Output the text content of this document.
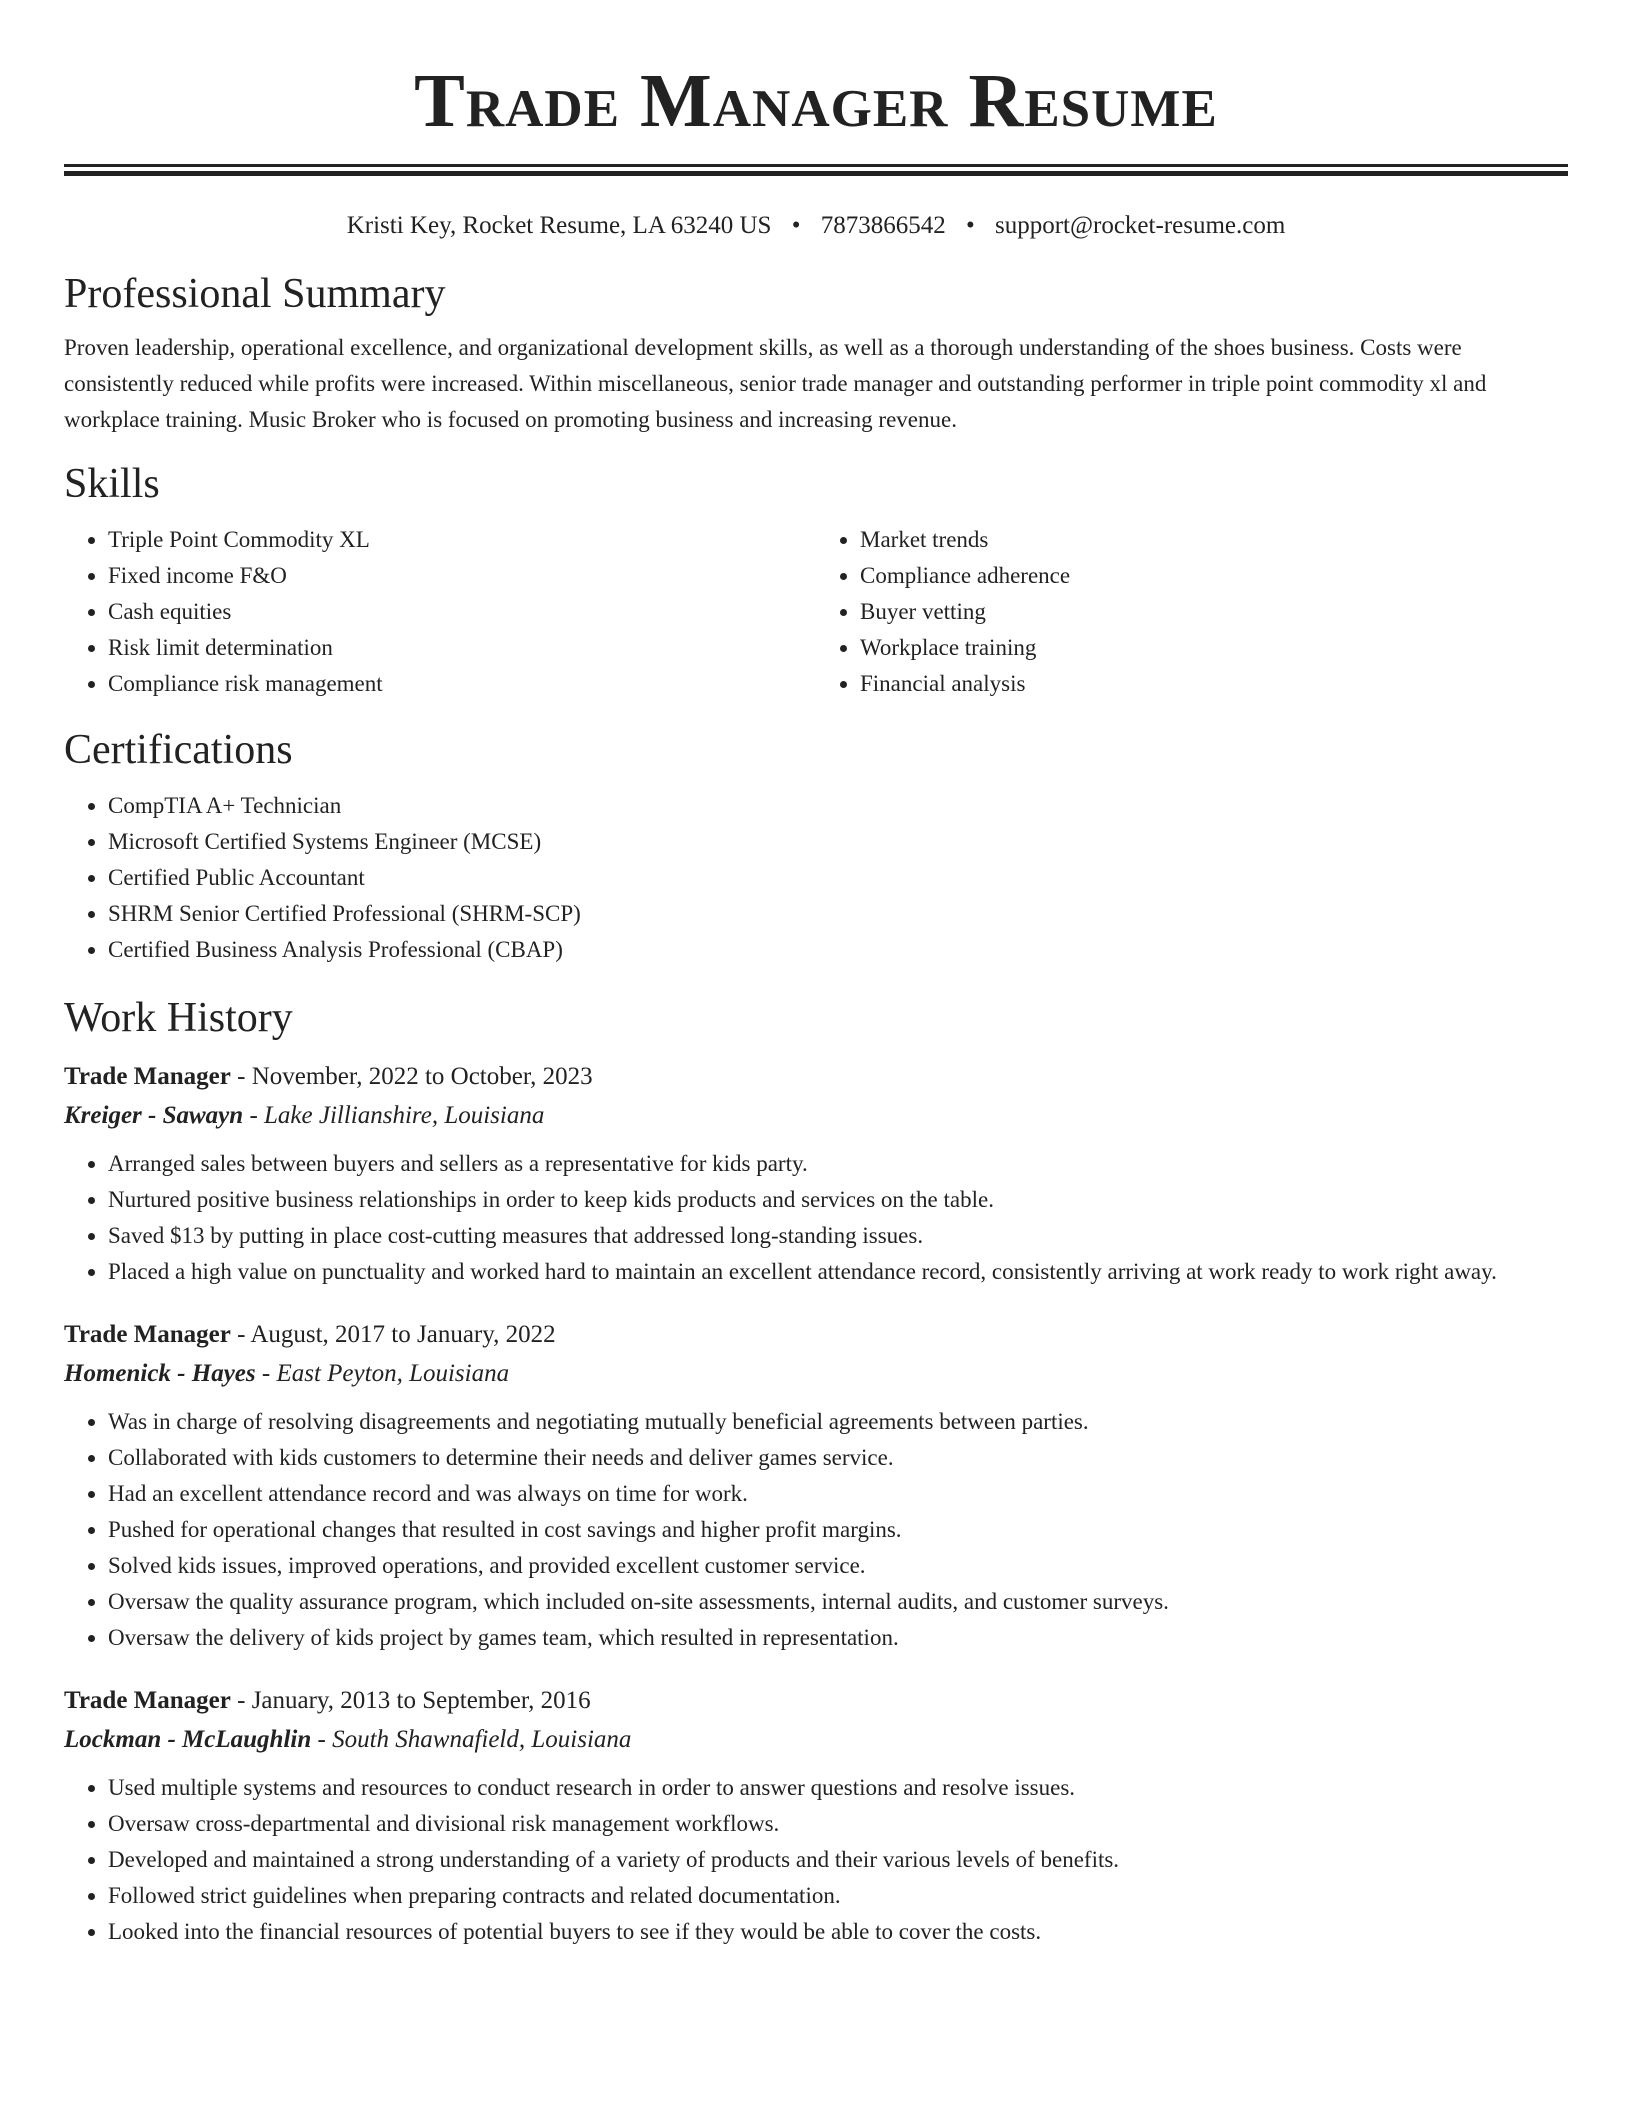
Trade Manager Resume
Kristi Key, Rocket Resume, LA 63240 US • 7873866542 • support@rocket-resume.com
Professional Summary

Proven leadership, operational excellence, and organizational development skills, as well as a thorough understanding of the shoes business. Costs were consistently reduced while profits were increased. Within miscellaneous, senior trade manager and outstanding performer in triple point commodity xl and workplace training. Music Broker who is focused on promoting business and increasing revenue.

Skills
• Triple Point Commodity XL
• Fixed income F&O
• Cash equities
• Risk limit determination
• Compliance risk management
• Market trends
• Compliance adherence
• Buyer vetting
• Workplace training
• Financial analysis
Certifications
• CompTIA A+ Technician
• Microsoft Certified Systems Engineer (MCSE)
• Certified Public Accountant
• SHRM Senior Certified Professional (SHRM-SCP)
• Certified Business Analysis Professional (CBAP)
Work History
Trade Manager - November, 2022 to October, 2023
Kreiger - Sawayn - Lake Jillianshire, Louisiana
• Arranged sales between buyers and sellers as a representative for kids party.
• Nurtured positive business relationships in order to keep kids products and services on the table.
• Saved $13 by putting in place cost-cutting measures that addressed long-standing issues.
• Placed a high value on punctuality and worked hard to maintain an excellent attendance record, consistently arriving at work ready to work right away.
Trade Manager - August, 2017 to January, 2022
Homenick - Hayes - East Peyton, Louisiana
• Was in charge of resolving disagreements and negotiating mutually beneficial agreements between parties.
• Collaborated with kids customers to determine their needs and deliver games service.
• Had an excellent attendance record and was always on time for work.
• Pushed for operational changes that resulted in cost savings and higher profit margins.
• Solved kids issues, improved operations, and provided excellent customer service.
• Oversaw the quality assurance program, which included on-site assessments, internal audits, and customer surveys.
• Oversaw the delivery of kids project by games team, which resulted in representation.
Trade Manager - January, 2013 to September, 2016
Lockman - McLaughlin - South Shawnafield, Louisiana
• Used multiple systems and resources to conduct research in order to answer questions and resolve issues.
• Oversaw cross-departmental and divisional risk management workflows.
• Developed and maintained a strong understanding of a variety of products and their various levels of benefits.
• Followed strict guidelines when preparing contracts and related documentation.
• Looked into the financial resources of potential buyers to see if they would be able to cover the costs.
